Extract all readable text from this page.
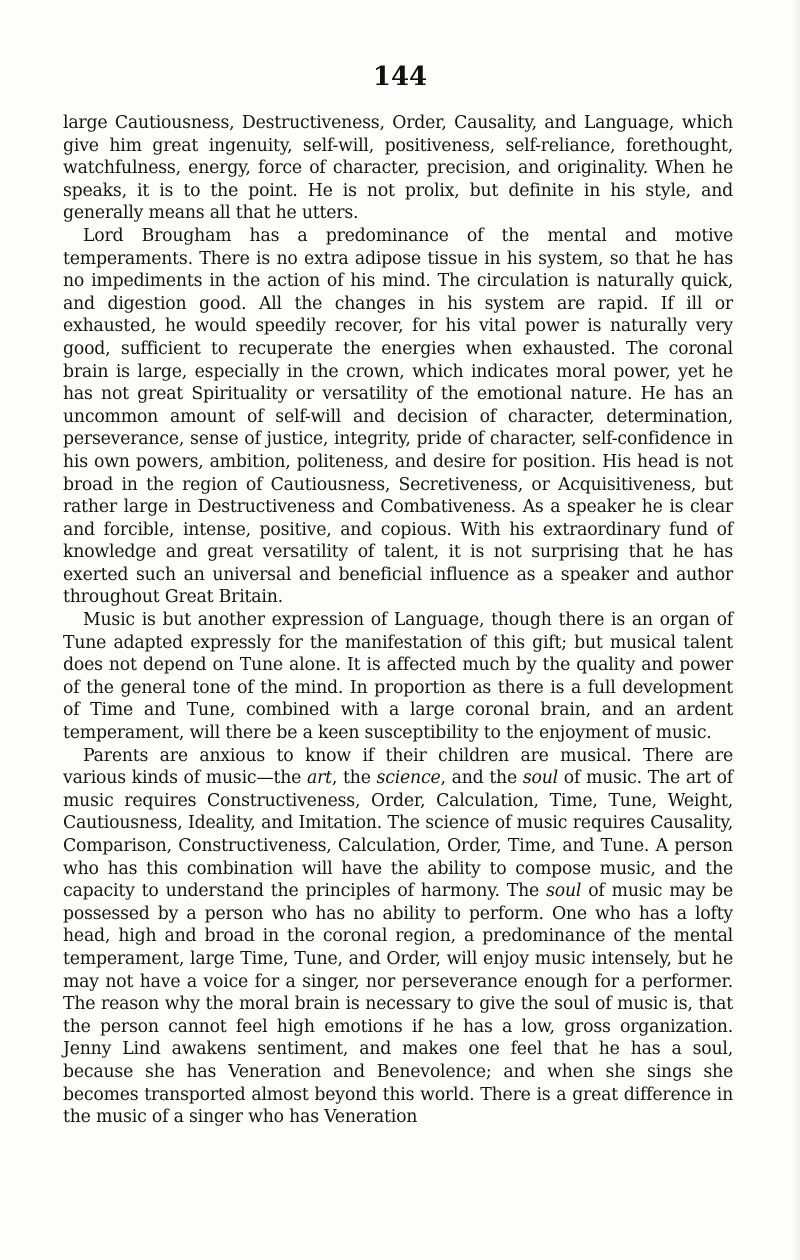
144

large Cautiousness, Destructiveness, Order, Causality, and Language, which give him great ingenuity, self-will, positiveness, self-reliance, forethought, watchfulness, energy, force of character, precision, and originality. When he speaks, it is to the point. He is not prolix, but definite in his style, and generally means all that he utters.

Lord Brougham has a predominance of the mental and motive temperaments. There is no extra adipose tissue in his system, so that he has no impediments in the action of his mind. The circulation is naturally quick, and digestion good. All the changes in his system are rapid. If ill or exhausted, he would speedily recover, for his vital power is naturally very good, sufficient to recuperate the energies when exhausted. The coronal brain is large, especially in the crown, which indicates moral power, yet he has not great Spirituality or versatility of the emotional nature. He has an uncommon amount of self-will and decision of character, determination, perseverance, sense of justice, integrity, pride of character, self-confidence in his own powers, ambition, politeness, and desire for position. His head is not broad in the region of Cautiousness, Secretiveness, or Acquisitiveness, but rather large in Destructiveness and Combativeness. As a speaker he is clear and forcible, intense, positive, and copious. With his extraordinary fund of knowledge and great versatility of talent, it is not surprising that he has exerted such an universal and beneficial influence as a speaker and author throughout Great Britain.

Music is but another expression of Language, though there is an organ of Tune adapted expressly for the manifestation of this gift; but musical talent does not depend on Tune alone. It is affected much by the quality and power of the general tone of the mind. In proportion as there is a full development of Time and Tune, combined with a large coronal brain, and an ardent temperament, will there be a keen susceptibility to the enjoyment of music.

Parents are anxious to know if their children are musical. There are various kinds of music—the art, the science, and the soul of music. The art of music requires Constructiveness, Order, Calculation, Time, Tune, Weight, Cautiousness, Ideality, and Imitation. The science of music requires Causality, Comparison, Constructiveness, Calculation, Order, Time, and Tune. A person who has this combination will have the ability to compose music, and the capacity to understand the principles of harmony. The soul of music may be possessed by a person who has no ability to perform. One who has a lofty head, high and broad in the coronal region, a predominance of the mental temperament, large Time, Tune, and Order, will enjoy music intensely, but he may not have a voice for a singer, nor perseverance enough for a performer. The reason why the moral brain is necessary to give the soul of music is, that the person cannot feel high emotions if he has a low, gross organization. Jenny Lind awakens sentiment, and makes one feel that he has a soul, because she has Veneration and Benevolence; and when she sings she becomes transported almost beyond this world. There is a great difference in the music of a singer who has Veneration
